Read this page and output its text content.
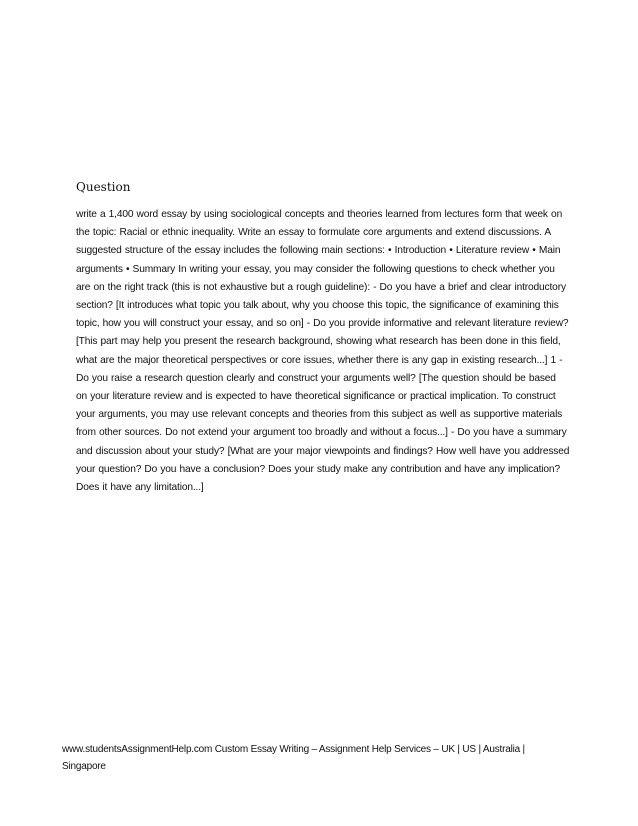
Question

write a 1,400 word essay by using sociological concepts and theories learned from lectures form that week on the topic: Racial or ethnic inequality. Write an essay to formulate core arguments and extend discussions. A suggested structure of the essay includes the following main sections: • Introduction • Literature review • Main arguments • Summary In writing your essay, you may consider the following questions to check whether you are on the right track (this is not exhaustive but a rough guideline): - Do you have a brief and clear introductory section? [It introduces what topic you talk about, why you choose this topic, the significance of examining this topic, how you will construct your essay, and so on] - Do you provide informative and relevant literature review? [This part may help you present the research background, showing what research has been done in this field, what are the major theoretical perspectives or core issues, whether there is any gap in existing research...] 1 - Do you raise a research question clearly and construct your arguments well? [The question should be based on your literature review and is expected to have theoretical significance or practical implication. To construct your arguments, you may use relevant concepts and theories from this subject as well as supportive materials from other sources. Do not extend your argument too broadly and without a focus...] - Do you have a summary and discussion about your study? [What are your major viewpoints and findings? How well have you addressed your question? Do you have a conclusion? Does your study make any contribution and have any implication? Does it have any limitation...]

www.studentsAssignmentHelp.com Custom Essay Writing – Assignment Help Services – UK | US | Australia | Singapore
